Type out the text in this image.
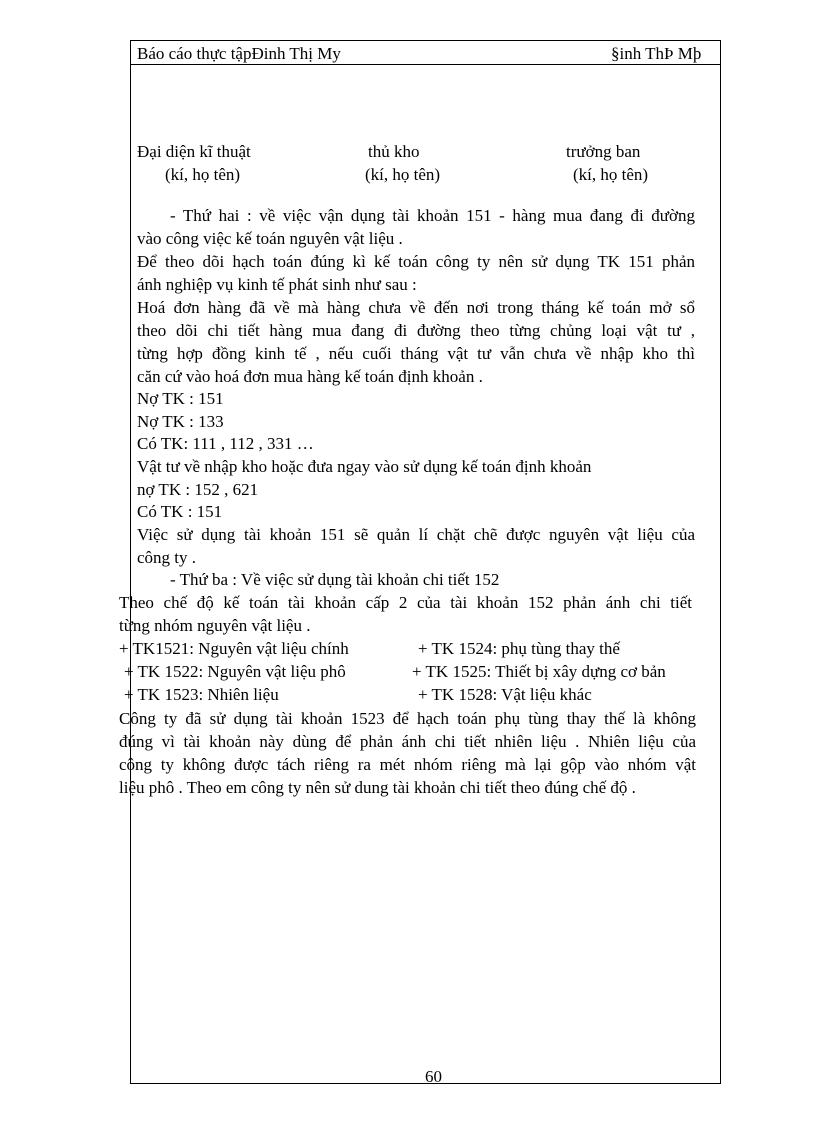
Báo cáo thực tậpĐinh Thị My	§inh ThÞ Mþ
Đại diện kĩ thuật	thủ kho	trưởng ban
(kí, họ tên)	(kí, họ tên)	(kí, họ tên)
- Thứ hai : về việc vận dụng tài khoản 151 - hàng mua đang đi đường
vào công việc kế toán nguyên vật liệu .
Để theo dõi hạch toán đúng kì kế toán công ty nên sử dụng TK 151 phản
ánh nghiệp vụ kinh tế phát sinh như sau :
Hoá đơn hàng đã về mà hàng chưa về đến nơi trong tháng kế toán mở sổ
theo dõi chi tiết hàng mua đang đi đường theo từng chủng loại vật tư ,
từng hợp đồng kinh tế , nếu cuối tháng vật tư vẫn chưa về nhập kho thì
căn cứ vào hoá đơn mua hàng kế toán định khoản .
Nợ TK : 151
Nợ TK : 133
Có TK: 111 , 112 , 331 …
Vật tư về nhập kho hoặc đưa ngay vào sử dụng kế toán định khoản
nợ TK : 152 , 621
Có TK : 151
Việc sử dụng tài khoản 151 sẽ quản lí chặt chẽ được nguyên vật liệu của
công ty .
- Thứ ba : Về việc sử dụng tài khoản chi tiết 152
Theo chế độ kế toán tài khoản cấp 2 của tài khoản 152 phản ánh chi tiết
từng nhóm nguyên vật liệu .
+ TK1521: Nguyên vật liệu chính	+ TK 1524: phụ tùng thay thế
+ TK 1522: Nguyên vật liệu phô	+ TK 1525: Thiết bị xây dựng cơ bản
+ TK 1523: Nhiên liệu	+ TK 1528: Vật liệu khác
Công ty đã sử dụng tài khoản 1523 để hạch toán phụ tùng thay thế là không
đúng vì tài khoản này dùng để phản ánh chi tiết nhiên liệu . Nhiên liệu của
công ty không được tách riêng ra mét nhóm riêng mà lại gộp vào nhóm vật
liệu phô . Theo em công ty nên sử dung tài khoản chi tiết theo đúng chế độ .
60
